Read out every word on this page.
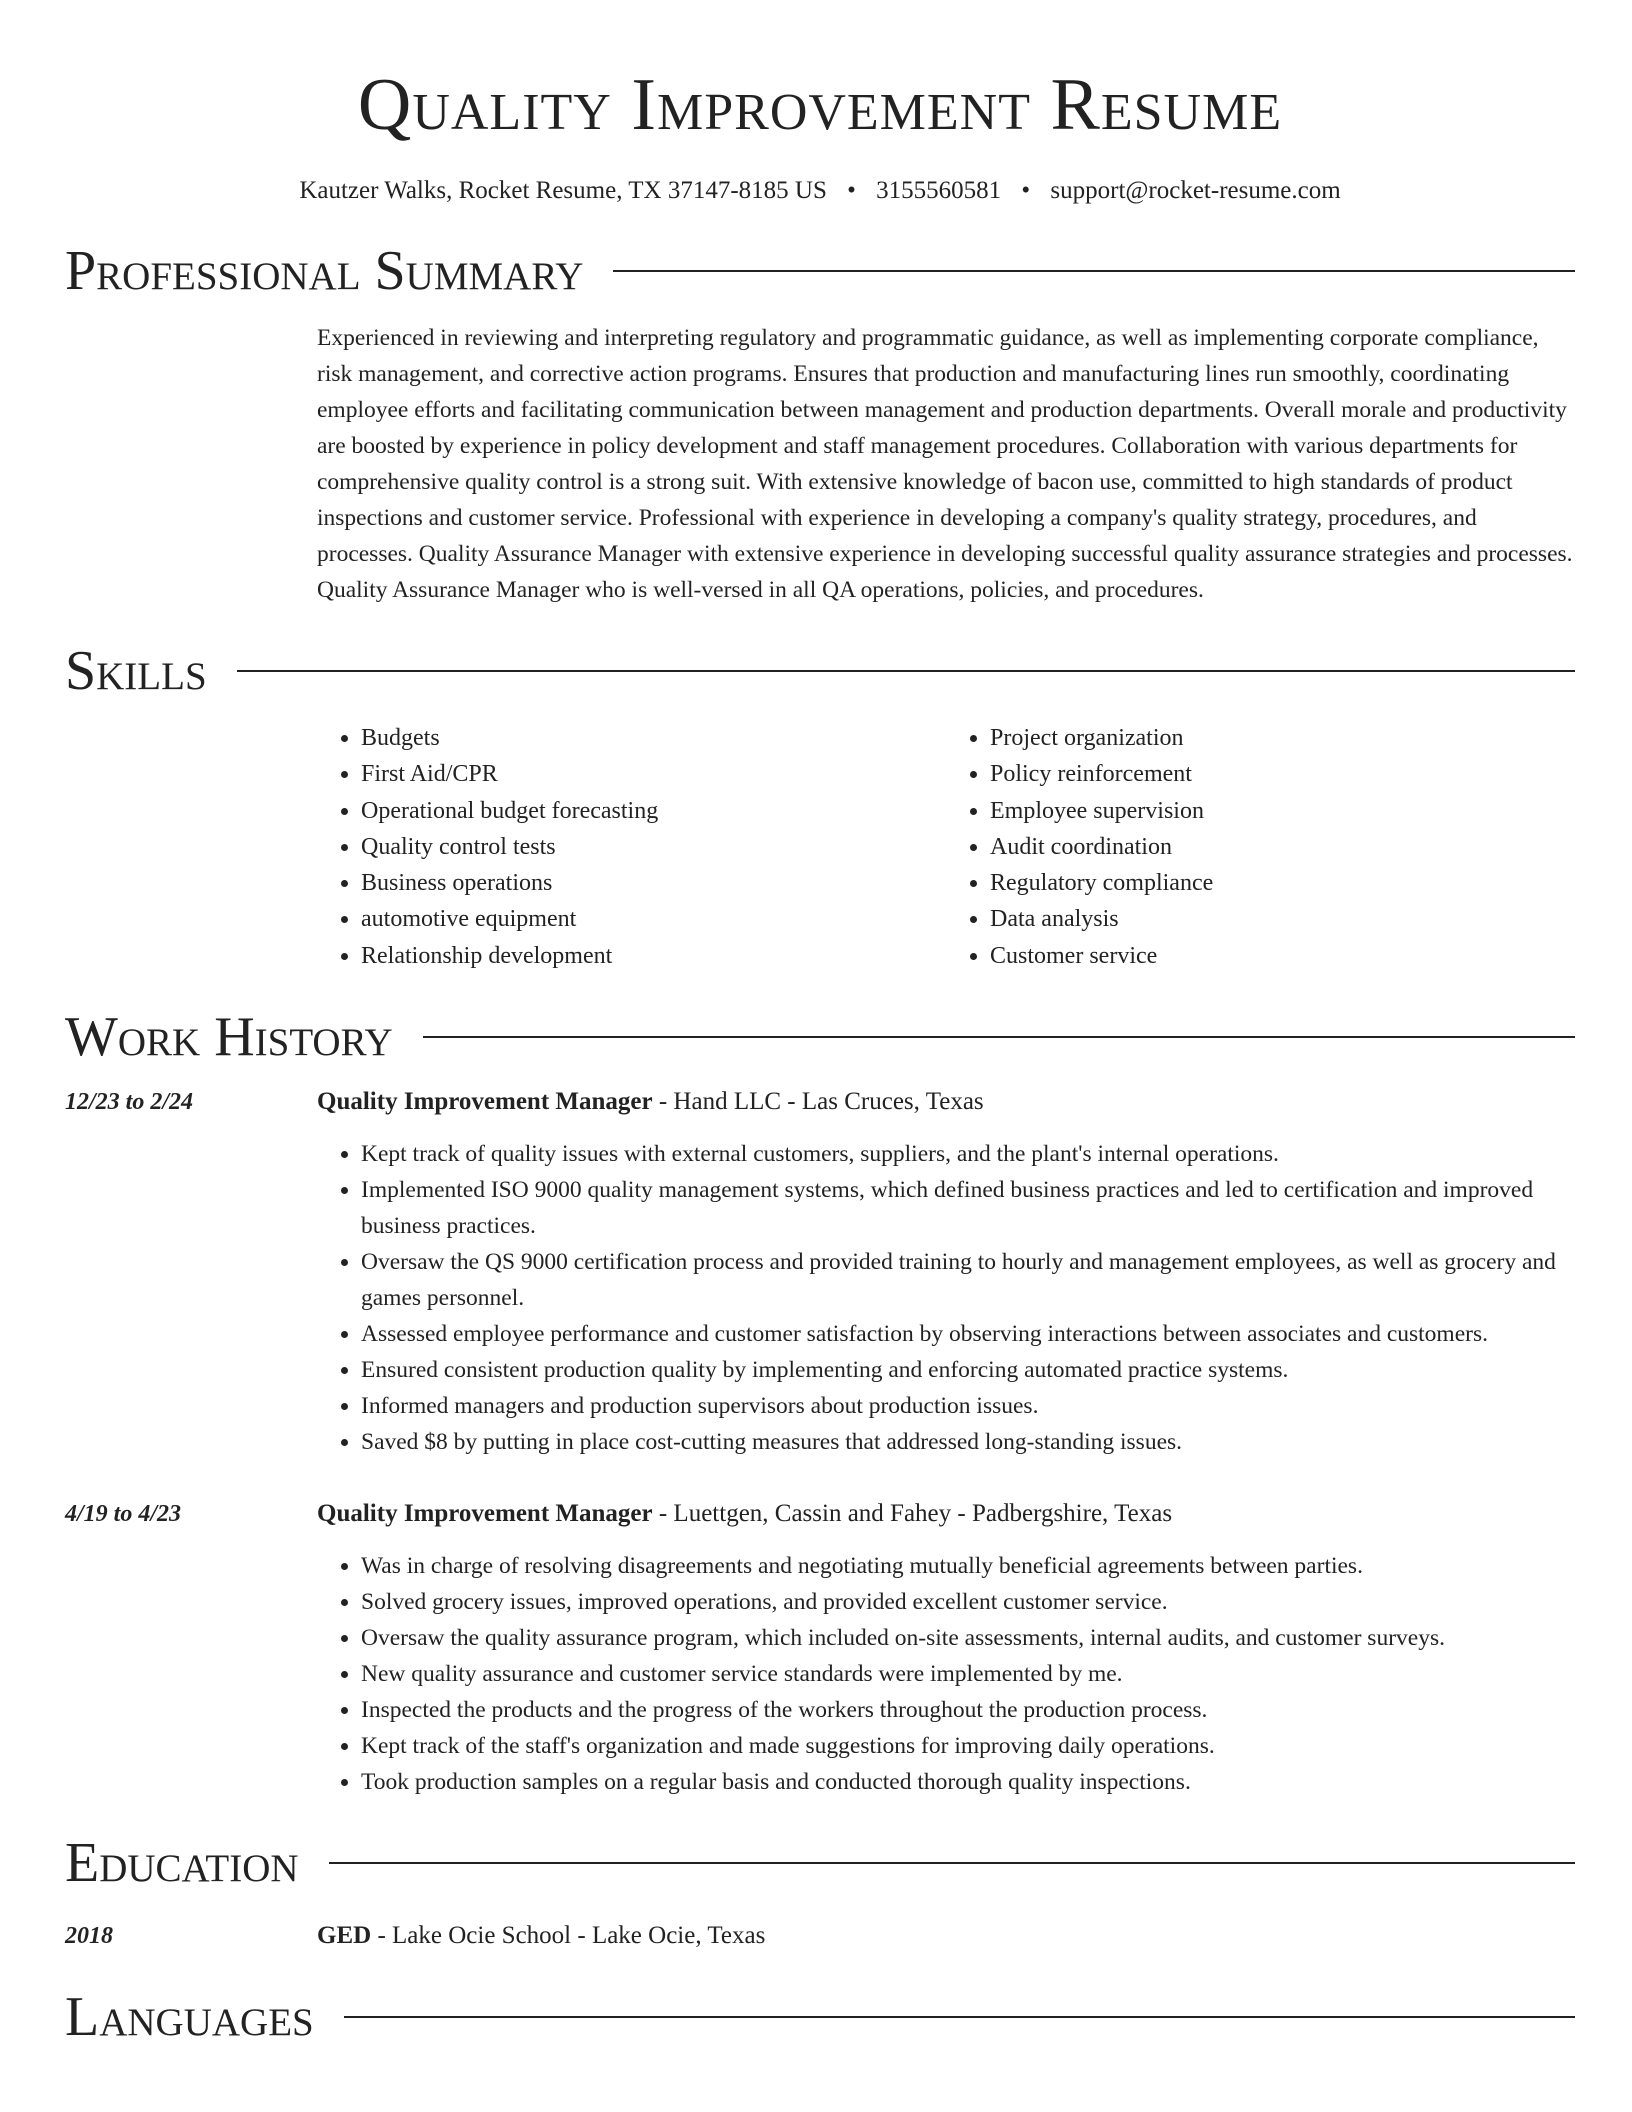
Quality Improvement Resume
Kautzer Walks, Rocket Resume, TX 37147-8185 US • 3155560581 • support@rocket-resume.com
Professional Summary
Experienced in reviewing and interpreting regulatory and programmatic guidance, as well as implementing corporate compliance, risk management, and corrective action programs. Ensures that production and manufacturing lines run smoothly, coordinating employee efforts and facilitating communication between management and production departments. Overall morale and productivity are boosted by experience in policy development and staff management procedures. Collaboration with various departments for comprehensive quality control is a strong suit. With extensive knowledge of bacon use, committed to high standards of product inspections and customer service. Professional with experience in developing a company's quality strategy, procedures, and processes. Quality Assurance Manager with extensive experience in developing successful quality assurance strategies and processes. Quality Assurance Manager who is well-versed in all QA operations, policies, and procedures.
Skills
• Budgets
• First Aid/CPR
• Operational budget forecasting
• Quality control tests
• Business operations
• automotive equipment
• Relationship development
• Project organization
• Policy reinforcement
• Employee supervision
• Audit coordination
• Regulatory compliance
• Data analysis
• Customer service
Work History
12/23 to 2/24	Quality Improvement Manager - Hand LLC - Las Cruces, Texas
• Kept track of quality issues with external customers, suppliers, and the plant's internal operations.
• Implemented ISO 9000 quality management systems, which defined business practices and led to certification and improved business practices.
• Oversaw the QS 9000 certification process and provided training to hourly and management employees, as well as grocery and games personnel.
• Assessed employee performance and customer satisfaction by observing interactions between associates and customers.
• Ensured consistent production quality by implementing and enforcing automated practice systems.
• Informed managers and production supervisors about production issues.
• Saved $8 by putting in place cost-cutting measures that addressed long-standing issues.
4/19 to 4/23	Quality Improvement Manager - Luettgen, Cassin and Fahey - Padbergshire, Texas
• Was in charge of resolving disagreements and negotiating mutually beneficial agreements between parties.
• Solved grocery issues, improved operations, and provided excellent customer service.
• Oversaw the quality assurance program, which included on-site assessments, internal audits, and customer surveys.
• New quality assurance and customer service standards were implemented by me.
• Inspected the products and the progress of the workers throughout the production process.
• Kept track of the staff's organization and made suggestions for improving daily operations.
• Took production samples on a regular basis and conducted thorough quality inspections.
Education
2018	GED - Lake Ocie School - Lake Ocie, Texas
Languages
